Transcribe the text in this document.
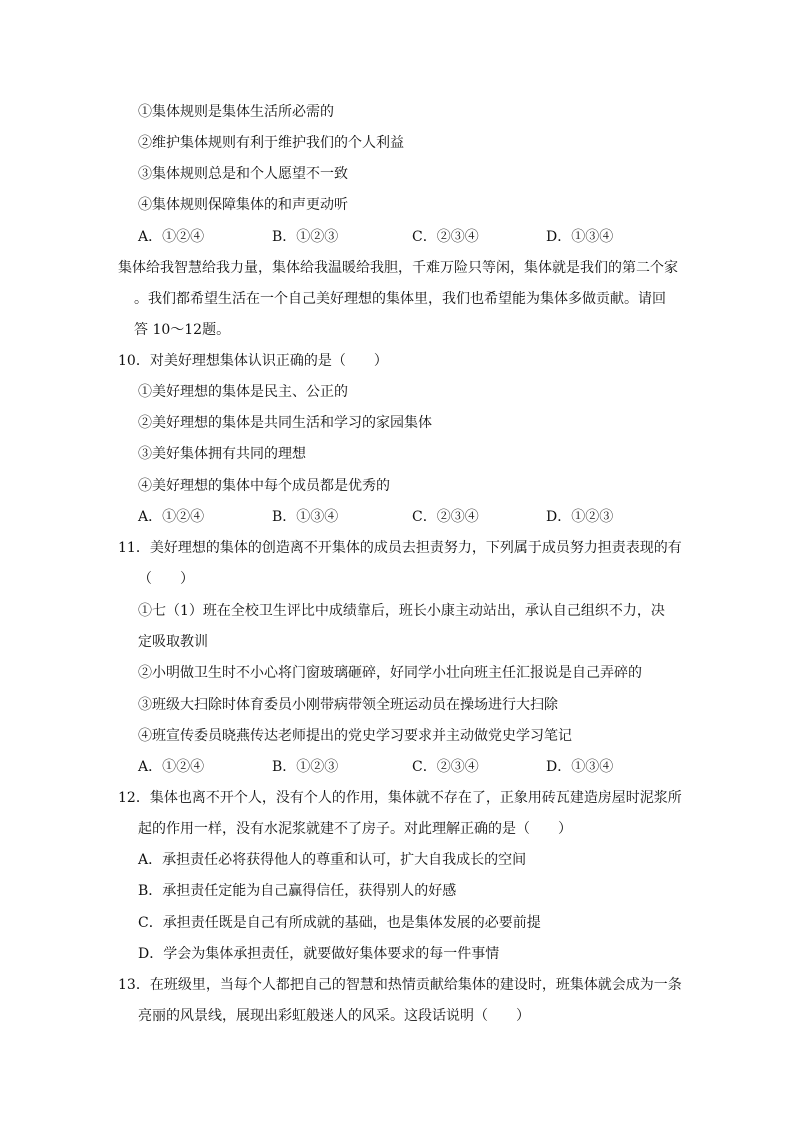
①集体规则是集体生活所必需的
②维护集体规则有利于维护我们的个人利益
③集体规则总是和个人愿望不一致
④集体规则保障集体的和声更动听
A．①②④	B．①②③	C．②③④	D．①③④
集体给我智慧给我力量，集体给我温暖给我胆，千难万险只等闲，集体就是我们的第二个家
。我们都希望生活在一个自己美好理想的集体里，我们也希望能为集体多做贡献。请回
答 10～12题。
10．对美好理想集体认识正确的是（　　）
①美好理想的集体是民主、公正的
②美好理想的集体是共同生活和学习的家园集体
③美好集体拥有共同的理想
④美好理想的集体中每个成员都是优秀的
A．①②④	B．①③④	C．②③④	D．①②③
11．美好理想的集体的创造离不开集体的成员去担责努力，下列属于成员努力担责表现的有
（　　）
①七（1）班在全校卫生评比中成绩靠后，班长小康主动站出，承认自己组织不力，决
定吸取教训
②小明做卫生时不小心将门窗玻璃砸碎，好同学小壮向班主任汇报说是自己弄碎的
③班级大扫除时体育委员小刚带病带领全班运动员在操场进行大扫除
④班宣传委员晓燕传达老师提出的党史学习要求并主动做党史学习笔记
A．①②④	B．①②③	C．②③④	D．①③④
12．集体也离不开个人，没有个人的作用，集体就不存在了，正象用砖瓦建造房屋时泥浆所
起的作用一样，没有水泥浆就建不了房子。对此理解正确的是（　　）
A．承担责任必将获得他人的尊重和认可，扩大自我成长的空间
B．承担责任定能为自己赢得信任，获得别人的好感
C．承担责任既是自己有所成就的基础，也是集体发展的必要前提
D．学会为集体承担责任，就要做好集体要求的每一件事情
13．在班级里，当每个人都把自己的智慧和热情贡献给集体的建设时，班集体就会成为一条
亮丽的风景线，展现出彩虹般迷人的风采。这段话说明（　　）
